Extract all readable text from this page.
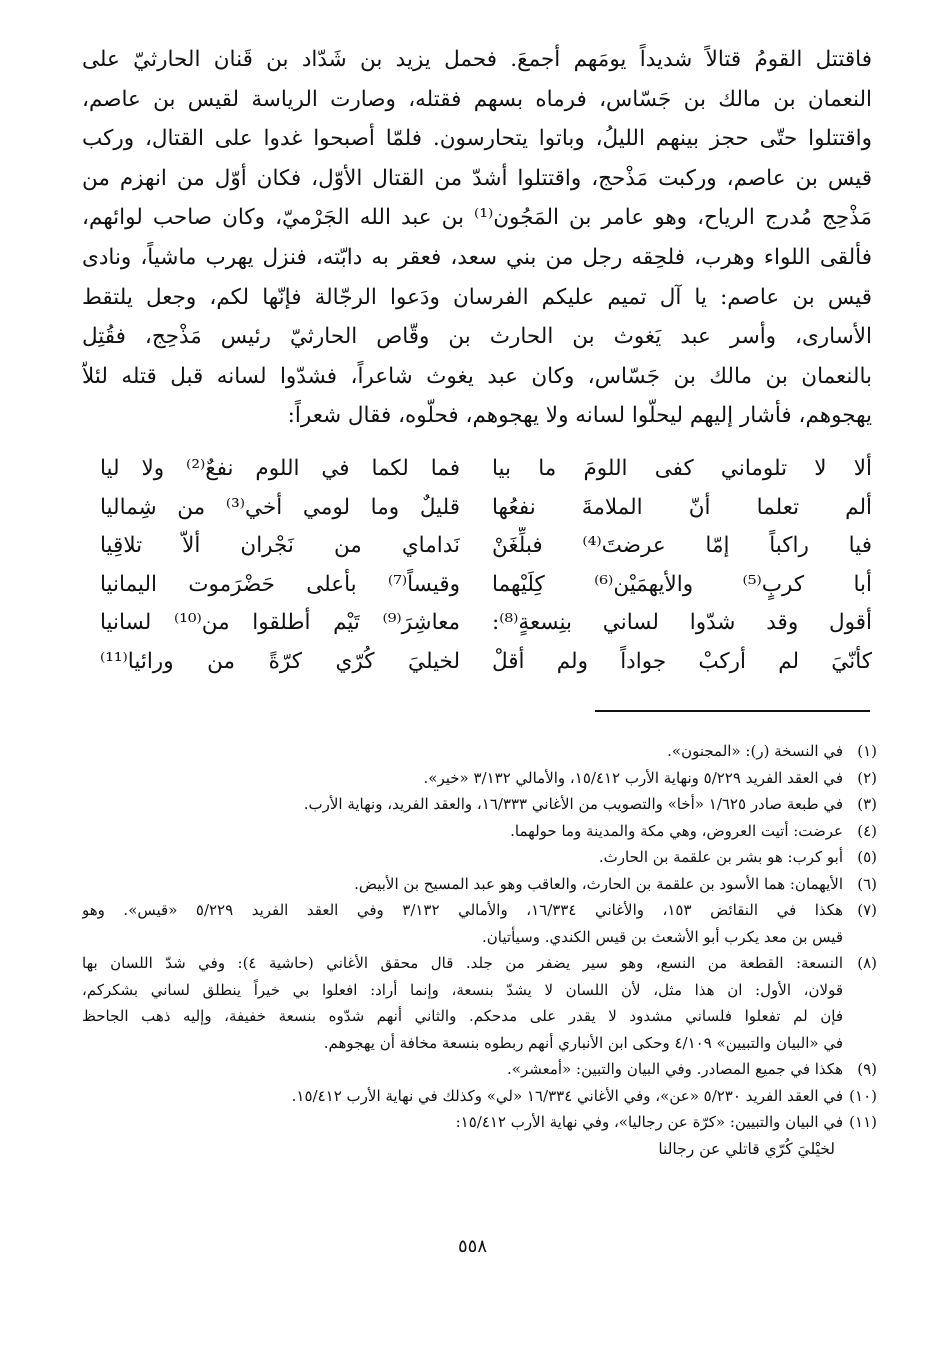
فاقتتل القومُ قتالاً شديداً يومَهم أجمعَ. فحمل يزيد بن شَدّاد بن قَنان الحارثيّ على
النعمان بن مالك بن جَسّاس، فرماه بسهم فقتله، وصارت الرياسة لقيس بن عاصم،
واقتتلوا حتّى حجز بينهم الليلُ، وباتوا يتحارسون. فلمّا أصبحوا غدوا على القتال، وركب
قيس بن عاصم، وركبت مَذْحج، واقتتلوا أشدّ من القتال الأوّل، فكان أوّل من انهزم من
مَذْحِج مُدرج الرياح، وهو عامر بن المَجُون⁽¹⁾ بن عبد الله الجَرْميّ، وكان صاحب لوائهم،
فألقى اللواء وهرب، فلحِقه رجل من بني سعد، فعقر به دابّته، فنزل يهرب ماشياً، ونادى
قيس بن عاصم: يا آل تميم عليكم الفرسان ودَعوا الرجّالة فإنّها لكم، وجعل يلتقط
الأسارى، وأسر عبد يَغوث بن الحارث بن وقّاص الحارثيّ رئيس مَذْحِج، فقُتِل
بالنعمان بن مالك بن جَسّاس، وكان عبد يغوث شاعراً، فشدّوا لسانه قبل قتله لئلاّ
يهجوهم، فأشار إليهم ليحلّوا لسانه ولا يهجوهم، فحلّوه، فقال شعراً:
ألا لا تلوماني كفى اللومَ ما بيا
فما لكما في اللوم نفعٌ⁽²⁾ ولا ليا
ألم تعلما أنّ الملامةَ نفعُها
قليلٌ وما لومي أخي⁽³⁾ من شِماليا
فيا راكباً إمّا عرضتَ⁽⁴⁾ فبلِّغَنْ
نَداماي من نَجْران ألاّ تلاقِيا
أبا كربٍ⁽⁵⁾ والأيهمَيْن⁽⁶⁾ كِلَيْهما
وقيساً⁽⁷⁾ بأعلى حَضْرَموت اليمانيا
أقول وقد شدّوا لساني بنِسعةٍ⁽⁸⁾:
معاشِرَ⁽⁹⁾ تَيْم أطلقوا من⁽¹⁰⁾ لسانيا
كأنّيَ لم أركبْ جواداً ولم أقلْ
لخيليَ كُرّي كرّةً من ورائيا⁽¹¹⁾
(١)
في النسخة (ر): «المجنون».
(٢)
في العقد الفريد ٥/٢٢٩ ونهاية الأرب ١٥/٤١٢، والأمالي ٣/١٣٢ «خير».
(٣)
في طبعة صادر ١/٦٢٥ «أخا» والتصويب من الأغاني ١٦/٣٣٣، والعقد الفريد، ونهاية الأرب.
(٤)
عرضت: أتيت العروض، وهي مكة والمدينة وما حولهما.
(٥)
أبو كرب: هو بشر بن علقمة بن الحارث.
(٦)
الأيهمان: هما الأسود بن علقمة بن الحارث، والعاقب وهو عبد المسيح بن الأبيض.
(٧)
هكذا في النقائض ١٥٣، والأغاني ١٦/٣٣٤، والأمالي ٣/١٣٢ وفي العقد الفريد ٥/٢٢٩ «قيس». وهو
قيس بن معد يكرب أبو الأشعث بن قيس الكندي. وسيأتيان.
(٨)
النسعة: القطعة من النسع، وهو سير يضفر من جلد. قال محقق الأغاني (حاشية ٤): وفي شدّ اللسان بها
قولان، الأول: ان هذا مثل، لأن اللسان لا يشدّ بنسعة، وإنما أراد: افعلوا بي خيراً ينطلق لساني بشكركم،
فإن لم تفعلوا فلساني مشدود لا يقدر على مدحكم. والثاني أنهم شدّوه بنسعة خفيفة، وإليه ذهب الجاحظ
في «البيان والتبيين» ٤/١٠٩ وحكى ابن الأنباري أنهم ربطوه بنسعة مخافة أن يهجوهم.
(٩)
هكذا في جميع المصادر. وفي البيان والتبين: «أمعشر».
(١٠)
في العقد الفريد ٥/٢٣٠ «عن»، وفي الأغاني ١٦/٣٣٤ «لي» وكذلك في نهاية الأرب ١٥/٤١٢.
(١١)
في البيان والتبيين: «كرّة عن رجاليا»، وفي نهاية الأرب ١٥/٤١٢:
لخيْليَ كُرّي قاتلي عن رجالنا
٥٥٨
